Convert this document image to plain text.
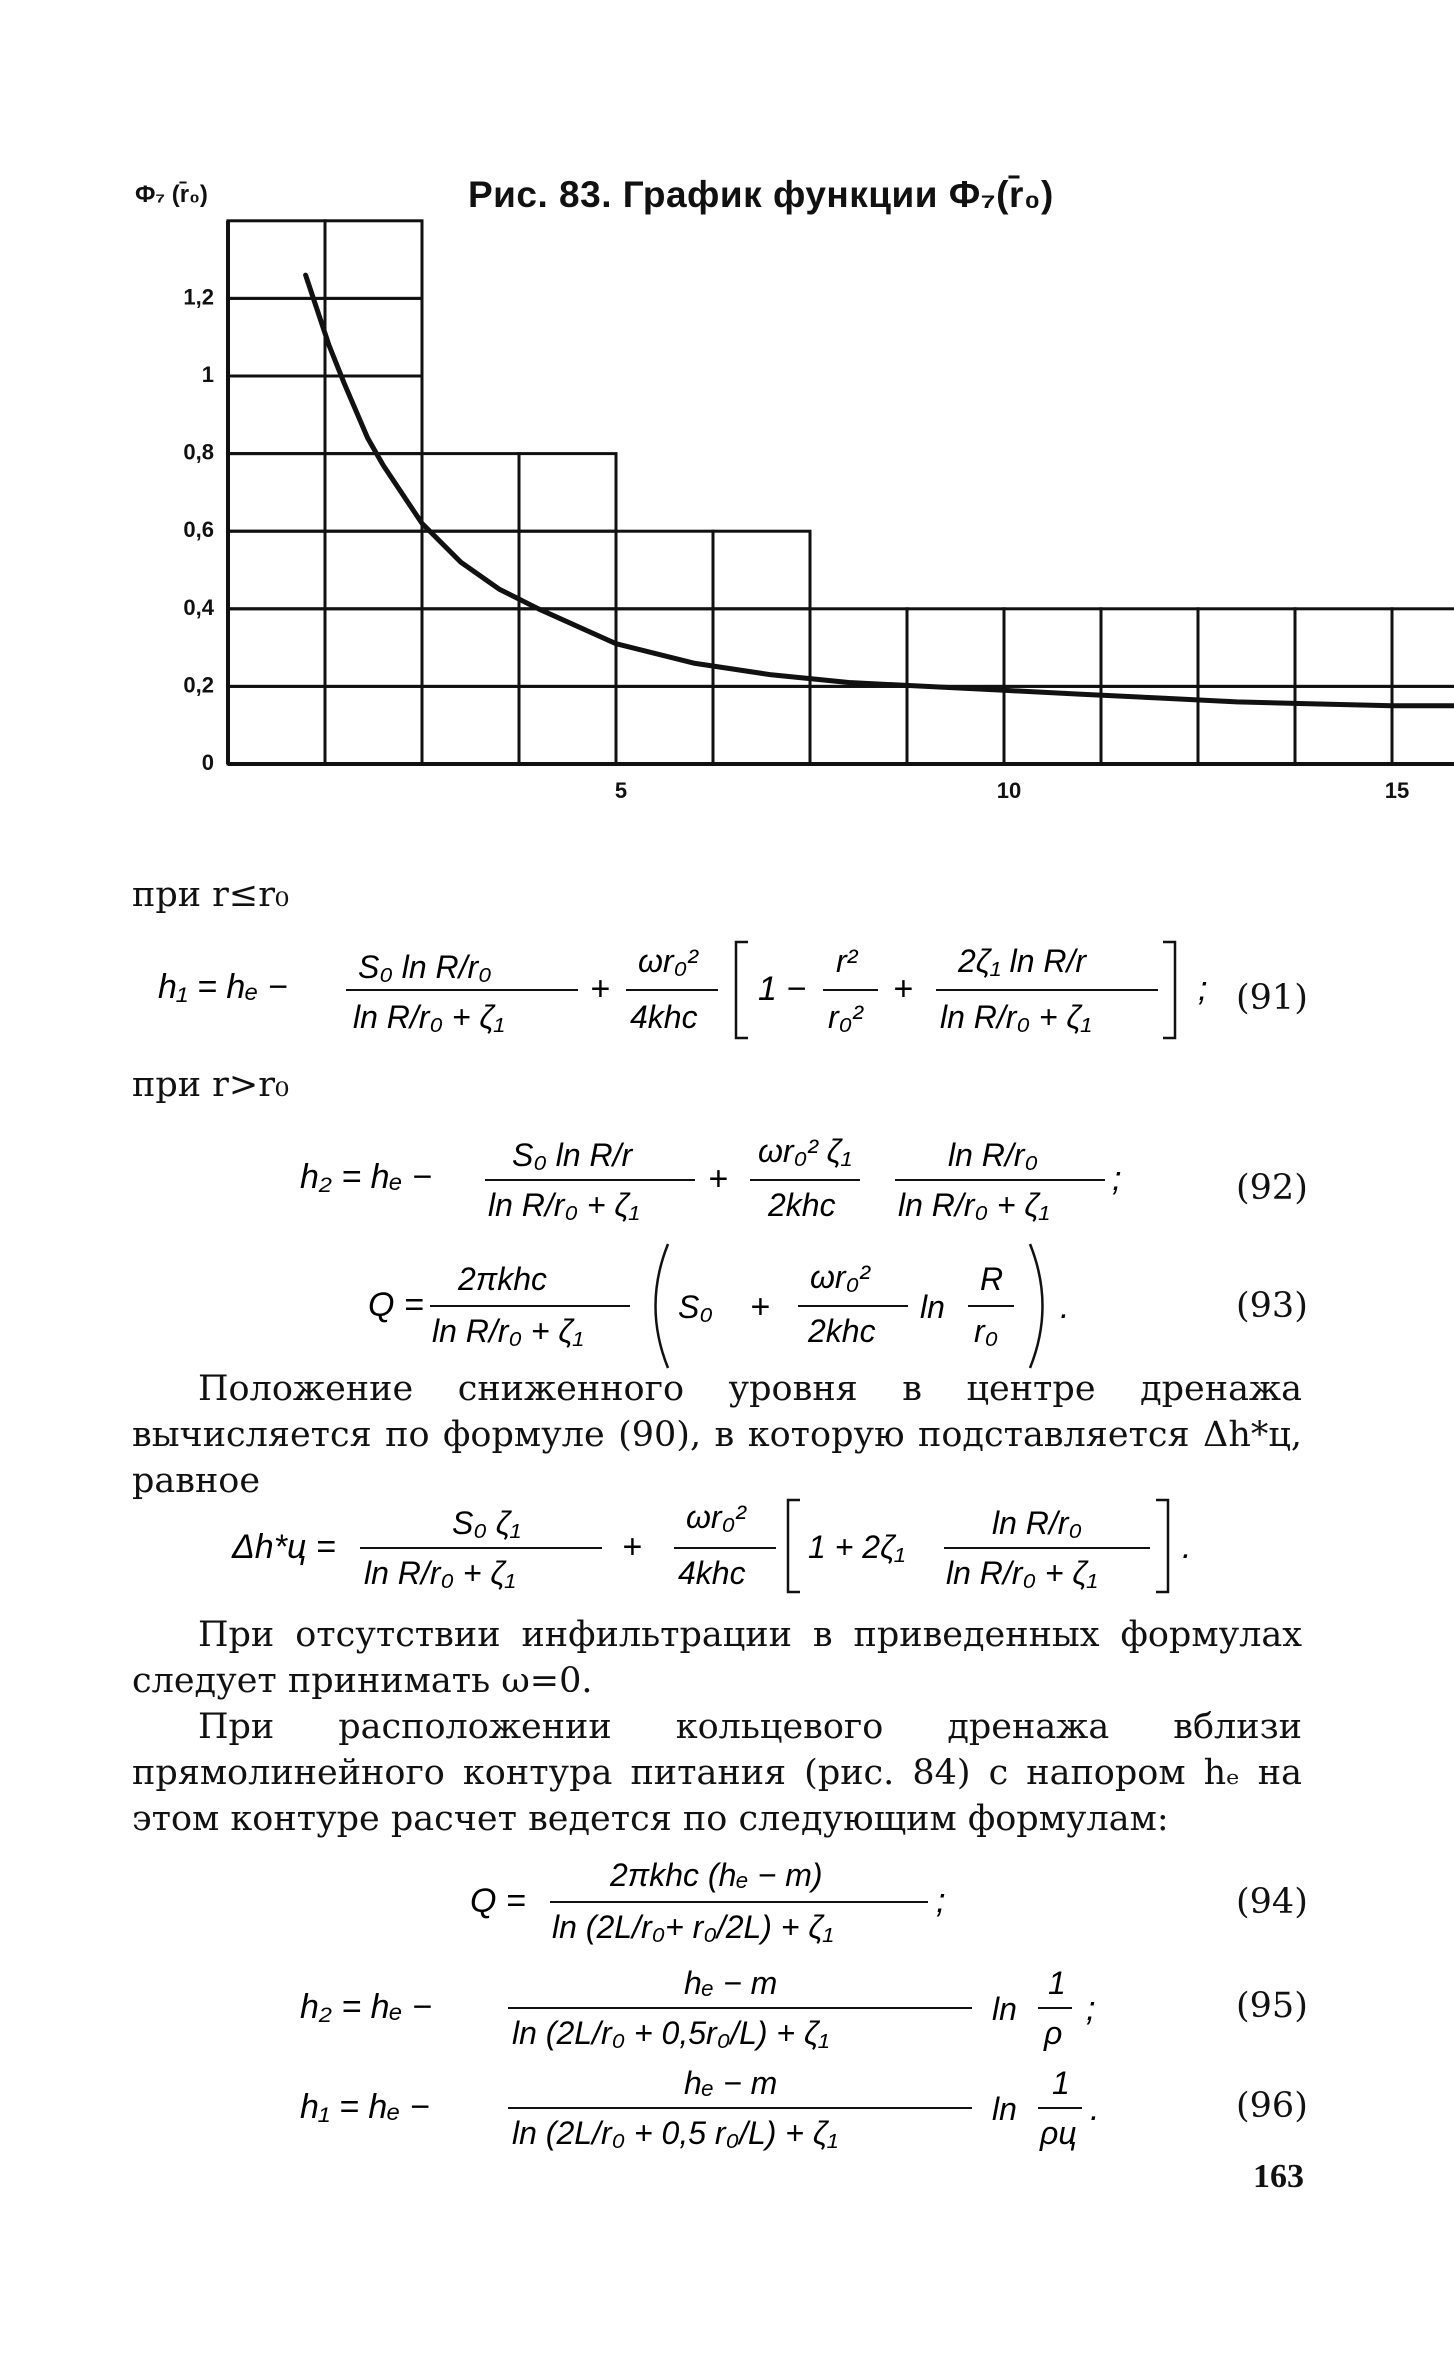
Ф₇ (r̄₀)	Рис. 83. График функции Ф₇(r̄₀)
0
0,2
0,4
0,6
0,8
1
1,2
5	10	15
при r≤r₀
h₁ = hₑ −
S₀ ln R/r₀
ln R/r₀ + ζ₁
+
ωr₀²
4khc
1 −
r²
r₀²
+
2ζ₁ ln R/r
ln R/r₀ + ζ₁
; (91)
при r>r₀
h₂ = hₑ −
S₀ ln R/r
ln R/r₀ + ζ₁
+
ωr₀² ζ₁
2khc
ln R/r₀
ln R/r₀ + ζ₁
;	(92)
Q =
2πkhc
ln R/r₀ + ζ₁
S₀ +
ωr₀²
2khc
ln
R
r₀
.	(93)
Положение сниженного уровня в центре дренажа вычисляется по формуле (90), в которую подставляется Δh*ц, равное
Δh*ц =
S₀ ζ₁
ln R/r₀ + ζ₁
+
ωr₀²
4khc
1 + 2ζ₁
ln R/r₀
ln R/r₀ + ζ₁
.
При отсутствии инфильтрации в приведенных формулах следует принимать ω=0.
При расположении кольцевого дренажа вблизи прямолинейного контура питания (рис. 84) с напором hₑ на этом контуре расчет ведется по следующим формулам:
Q =
2πkhc (hₑ − m)
ln (2L/r₀+ r₀/2L) + ζ₁
;	(94)
h₂ = hₑ −
hₑ − m
ln (2L/r₀ + 0,5r₀/L) + ζ₁
ln
1
ρ
;	(95)
h₁ = hₑ −
hₑ − m
ln (2L/r₀ + 0,5 r₀/L) + ζ₁
ln
1
ρц
.	(96)
163
